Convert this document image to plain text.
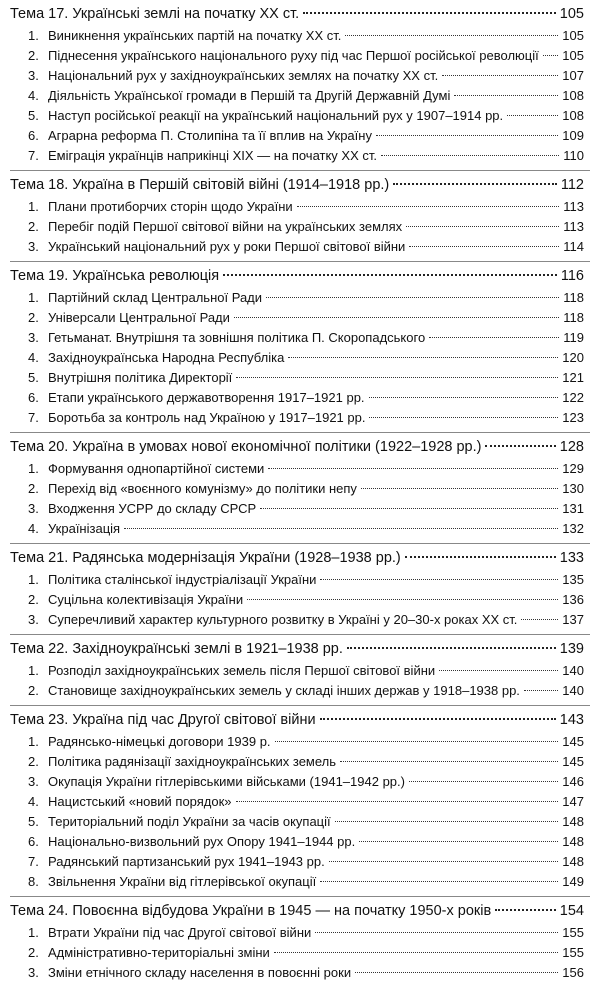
Тема 17. Українські землі на початку ХХ ст.	105
1. Виникнення українських партій на початку ХХ ст.	105
2. Піднесення українського національного руху під час Першої російської революції 105
3. Національний рух у західноукраїнських землях на початку ХХ ст.	107
4. Діяльність Української громади в Першій та Другій Державній Думі	108
5. Наступ російської реакції на український національний рух у 1907–1914 рр.	108
6. Аграрна реформа П. Столипіна та її вплив на Україну	109
7. Еміграція українців наприкінці ХІХ — на початку ХХ ст.	110
Тема 18. Україна в Першій світовій війні (1914–1918 рр.)	112
1. Плани протиборчих сторін щодо України	113
2. Перебіг подій Першої світової війни на українських землях	113
3. Український національний рух у роки Першої світової війни	114
Тема 19. Українська революція	116
1. Партійний склад Центральної Ради	118
2. Універсали Центральної Ради	118
3. Гетьманат. Внутрішня та зовнішня політика П. Скоропадського	119
4. Західноукраїнська Народна Республіка	120
5. Внутрішня політика Директорії	121
6. Етапи українського державотворення 1917–1921 рр.	122
7. Боротьба за контроль над Україною у 1917–1921 рр.	123
Тема 20. Україна в умовах нової економічної політики (1922–1928 рр.)	128
1. Формування однопартійної системи	129
2. Перехід від «воєнного комунізму» до політики непу	130
3. Входження УСРР до складу СРСР	131
4. Українізація	132
Тема 21. Радянська модернізація України (1928–1938 рр.)	133
1. Політика сталінської індустріалізації України	135
2. Суцільна колективізація України	136
3. Суперечливий характер культурного розвитку в Україні у 20–30-х роках ХХ ст.	137
Тема 22. Західноукраїнські землі в 1921–1938 рр.	139
1. Розподіл західноукраїнських земель після Першої світової війни	140
2. Становище західноукраїнських земель у складі інших держав у 1918–1938 рр.	140
Тема 23. Україна під час Другої світової війни	143
1. Радянсько-німецькі договори 1939 р.	145
2. Політика радянізації західноукраїнських земель	145
3. Окупація України гітлерівськими військами (1941–1942 рр.)	146
4. Нацистський «новий порядок»	147
5. Територіальний поділ України за часів окупації	148
6. Національно-визвольний рух Опору 1941–1944 рр.	148
7. Радянський партизанський рух 1941–1943 рр.	148
8. Звільнення України від гітлерівської окупації	149
Тема 24. Повоєнна відбудова України в 1945 — на початку 1950-х років	154
1. Втрати України під час Другої світової війни	155
2. Адміністративно-територіальні зміни	155
3. Зміни етнічного складу населення в повоєнні роки	156
